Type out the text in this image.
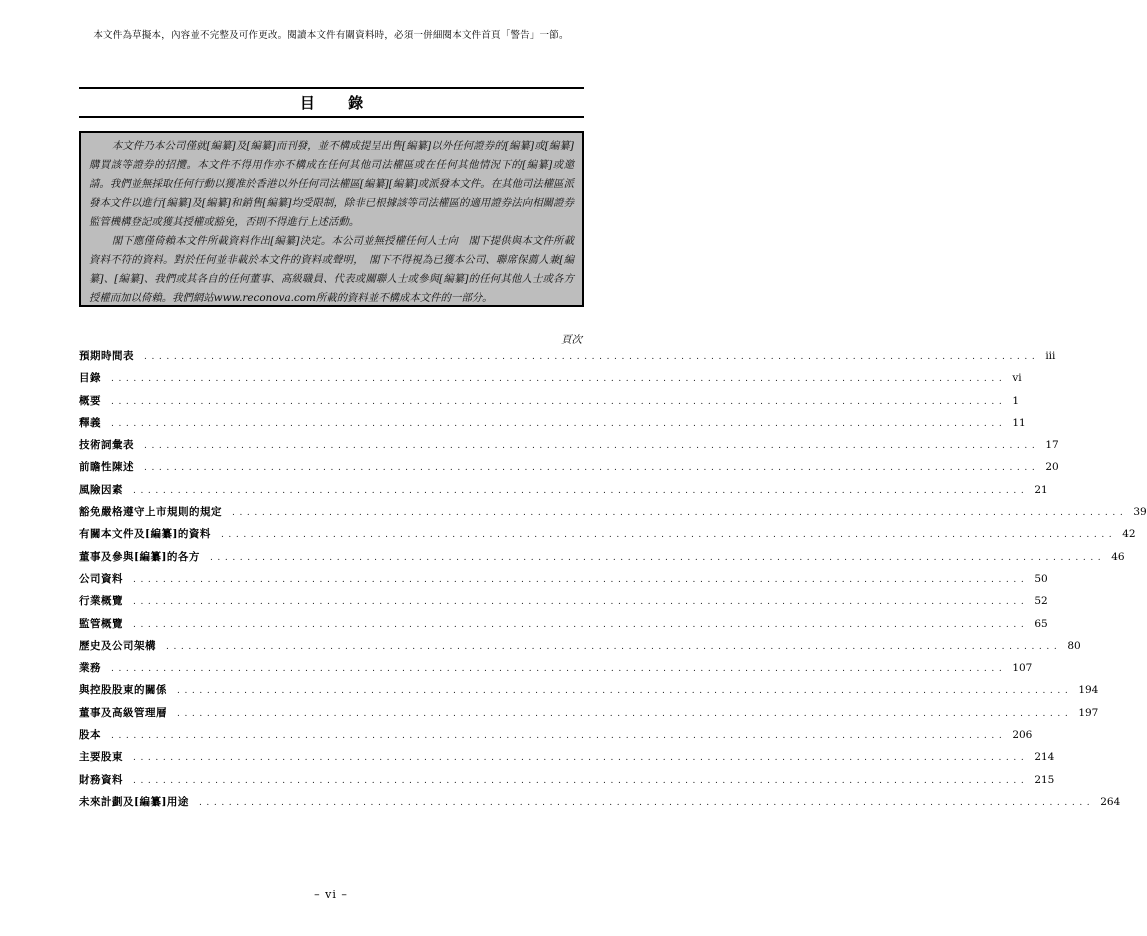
本文件為草擬本，內容並不完整及可作更改。閱讀本文件有關資料時，必須一併細閱本文件首頁「警告」一節。
目 錄

本文件乃本公司僅就[編纂]及[編纂]而刊發，並不構成提呈出售[編纂]以外任何證券的[編纂]或[編纂]購買該等證券的招攬。本文件不得用作亦不構成在任何其他司法權區或在任何其他情況下的[編纂]或邀請。我們並無採取任何行動以獲准於香港以外任何司法權區[編纂][編纂]或派發本文件。在其他司法權區派發本文件以進行[編纂]及[編纂]和銷售[編纂]均受限制，除非已根據該等司法權區的適用證券法向相關證券監管機構登記或獲其授權或豁免，否則不得進行上述活動。

閣下應僅倚賴本文件所載資料作出[編纂]決定。本公司並無授權任何人士向　閣下提供與本文件所載資料不符的資料。對於任何並非載於本文件的資料或聲明，　閣下不得視為已獲本公司、聯席保薦人兼[編纂]、[編纂]、我們或其各自的任何董事、高級職員、代表或關聯人士或參與[編纂]的任何其他人士或各方授權而加以倚賴。我們網站www.reconova.com所載的資料並不構成本文件的一部分。

頁次
預期時間表 ........................................................................................................................ iii
目錄 ........................................................................................................................ vi
概要 ........................................................................................................................ 1
釋義 ........................................................................................................................ 11
技術詞彙表 ........................................................................................................................ 17
前瞻性陳述 ........................................................................................................................ 20
風險因素 ........................................................................................................................ 21
豁免嚴格遵守上市規則的規定 ........................................................................................................................ 39
有關本文件及[編纂]的資料 ........................................................................................................................ 42
董事及參與[編纂]的各方 ........................................................................................................................ 46
公司資料 ........................................................................................................................ 50
行業概覽 ........................................................................................................................ 52
監管概覽 ........................................................................................................................ 65
歷史及公司架構 ........................................................................................................................ 80
業務 ........................................................................................................................ 107
與控股股東的關係 ........................................................................................................................ 194
董事及高級管理層 ........................................................................................................................ 197
股本 ........................................................................................................................ 206
主要股東 ........................................................................................................................ 214
財務資料 ........................................................................................................................ 215
未來計劃及[編纂]用途 ........................................................................................................................ 264
– vi –
